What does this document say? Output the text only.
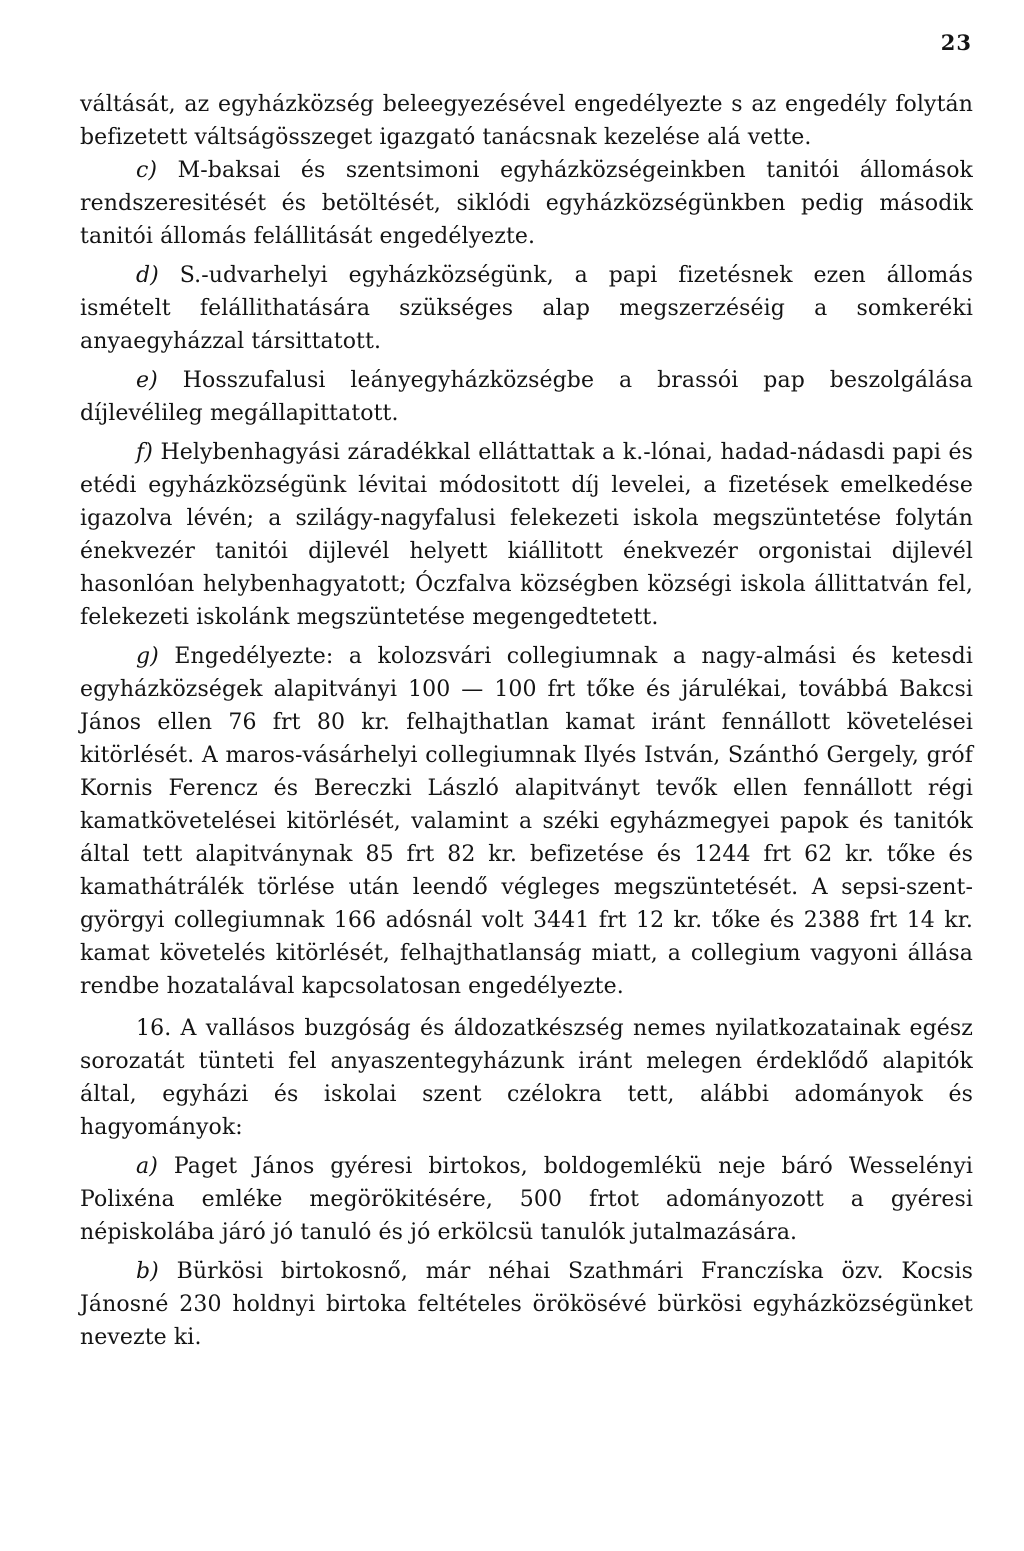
23

váltását, az egyházközség beleegyezésével engedélyezte s az engedély folytán befizetett váltságösszeget igazgató tanácsnak kezelése alá vette.

c) M-baksai és szentsimoni egyházközségeinkben tanitói állomások rendszeresitését és betöltését, siklódi egyházközségünkben pedig második tanitói állomás felállitását engedélyezte.

d) S.-udvarhelyi egyházközségünk, a papi fizetésnek ezen állomás ismételt felállithatására szükséges alap megszerzéséig a somkeréki anyaegyházzal társittatott.

e) Hosszufalusi leányegyházközségbe a brassói pap beszolgálása díjlevélileg megállapittatott.

f) Helybenhagyási záradékkal elláttattak a k.-lónai, hadad-nádasdi papi és etédi egyházközségünk lévitai módositott díj levelei, a fizetések emelkedése igazolva lévén; a szilágy-nagyfalusi felekezeti iskola megszüntetése folytán énekvezér tanitói dijlevél helyett kiállitott énekvezér orgonistai dijlevél hasonlóan helybenhagyatott; Óczfalva községben községi iskola állittatván fel, felekezeti iskolánk megszüntetése megengedtetett.

g) Engedélyezte: a kolozsvári collegiumnak a nagy-almási és ketesdi egyházközségek alapitványi 100 — 100 frt tőke és járulékai, továbbá Bakcsi János ellen 76 frt 80 kr. felhajthatlan kamat iránt fennállott követelései kitörlését. A maros-vásárhelyi collegiumnak Ilyés István, Szánthó Gergely, gróf Kornis Ferencz és Bereczki László alapitványt tevők ellen fennállott régi kamatkövetelései kitörlését, valamint a széki egyházmegyei papok és tanitók által tett alapitványnak 85 frt 82 kr. befizetése és 1244 frt 62 kr. tőke és kamathátrálék törlése után leendő végleges megszüntetését. A sepsi-szent-györgyi collegiumnak 166 adósnál volt 3441 frt 12 kr. tőke és 2388 frt 14 kr. kamat követelés kitörlését, felhajthatlanság miatt, a collegium vagyoni állása rendbe hozatalával kapcsolatosan engedélyezte.

16. A vallásos buzgóság és áldozatkészség nemes nyilatkozatainak egész sorozatát tünteti fel anyaszentegyházunk iránt melegen érdeklődő alapitók által, egyházi és iskolai szent czélokra tett, alábbi adományok és hagyományok:

a) Paget János gyéresi birtokos, boldogemlékü neje báró Wesselényi Polixéna emléke megörökitésére, 500 frtot adományozott a gyéresi népiskolába járó jó tanuló és jó erkölcsü tanulók jutalmazására.

b) Bürkösi birtokosnő, már néhai Szathmári Franczíska özv. Kocsis Jánosné 230 holdnyi birtoka feltételes örökösévé bürkösi egyházközségünket nevezte ki.
